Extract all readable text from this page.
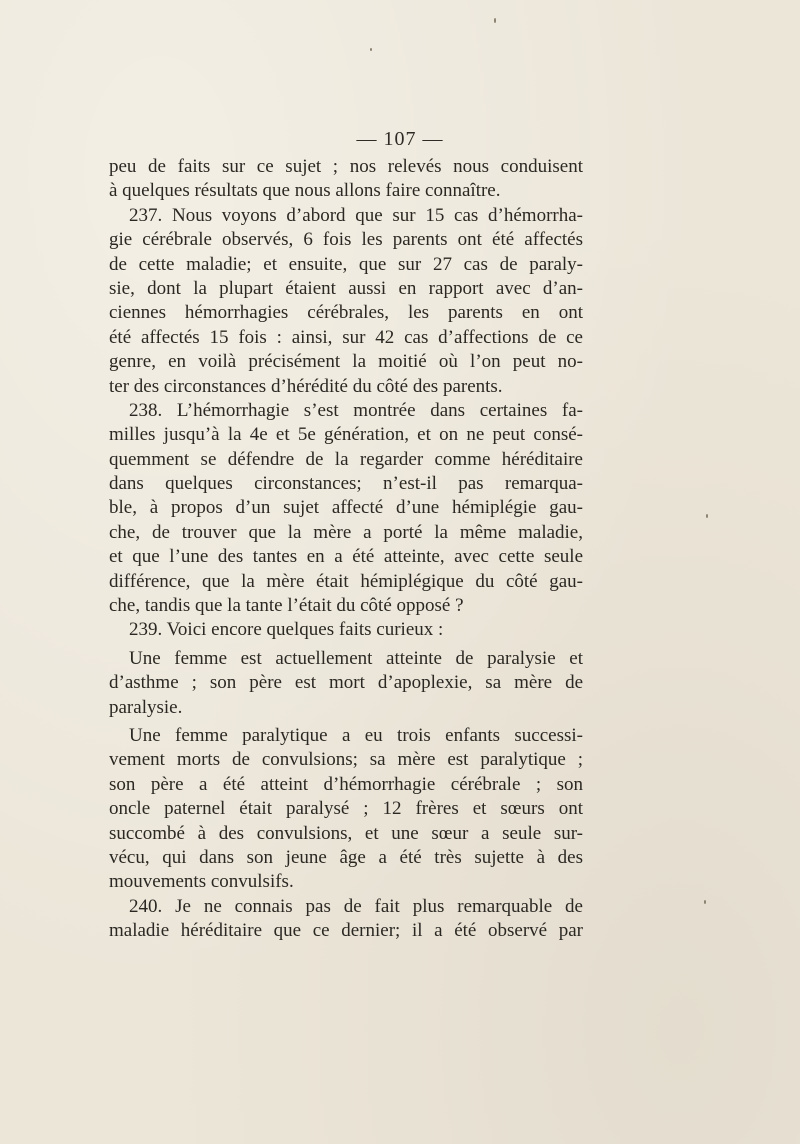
— 107 —
peu de faits sur ce sujet ; nos relevés nous conduisent
à quelques résultats que nous allons faire connaître.
237. Nous voyons d’abord que sur 15 cas d’hémorrha-
gie cérébrale observés, 6 fois les parents ont été affectés
de cette maladie; et ensuite, que sur 27 cas de paraly-
sie, dont la plupart étaient aussi en rapport avec d’an-
ciennes hémorrhagies cérébrales, les parents en ont
été affectés 15 fois : ainsi, sur 42 cas d’affections de ce
genre, en voilà précisément la moitié où l’on peut no-
ter des circonstances d’hérédité du côté des parents.
238. L’hémorrhagie s’est montrée dans certaines fa-
milles jusqu’à la 4e et 5e génération, et on ne peut consé-
quemment se défendre de la regarder comme héréditaire
dans quelques circonstances; n’est-il pas remarqua-
ble, à propos d’un sujet affecté d’une hémiplégie gau-
che, de trouver que la mère a porté la même maladie,
et que l’une des tantes en a été atteinte, avec cette seule
différence, que la mère était hémiplégique du côté gau-
che, tandis que la tante l’était du côté opposé ?
239. Voici encore quelques faits curieux :
Une femme est actuellement atteinte de paralysie et
d’asthme ; son père est mort d’apoplexie, sa mère de
paralysie.
Une femme paralytique a eu trois enfants successi-
vement morts de convulsions; sa mère est paralytique ;
son père a été atteint d’hémorrhagie cérébrale ; son
oncle paternel était paralysé ; 12 frères et sœurs ont
succombé à des convulsions, et une sœur a seule sur-
vécu, qui dans son jeune âge a été très sujette à des
mouvements convulsifs.
240. Je ne connais pas de fait plus remarquable de
maladie héréditaire que ce dernier; il a été observé par
